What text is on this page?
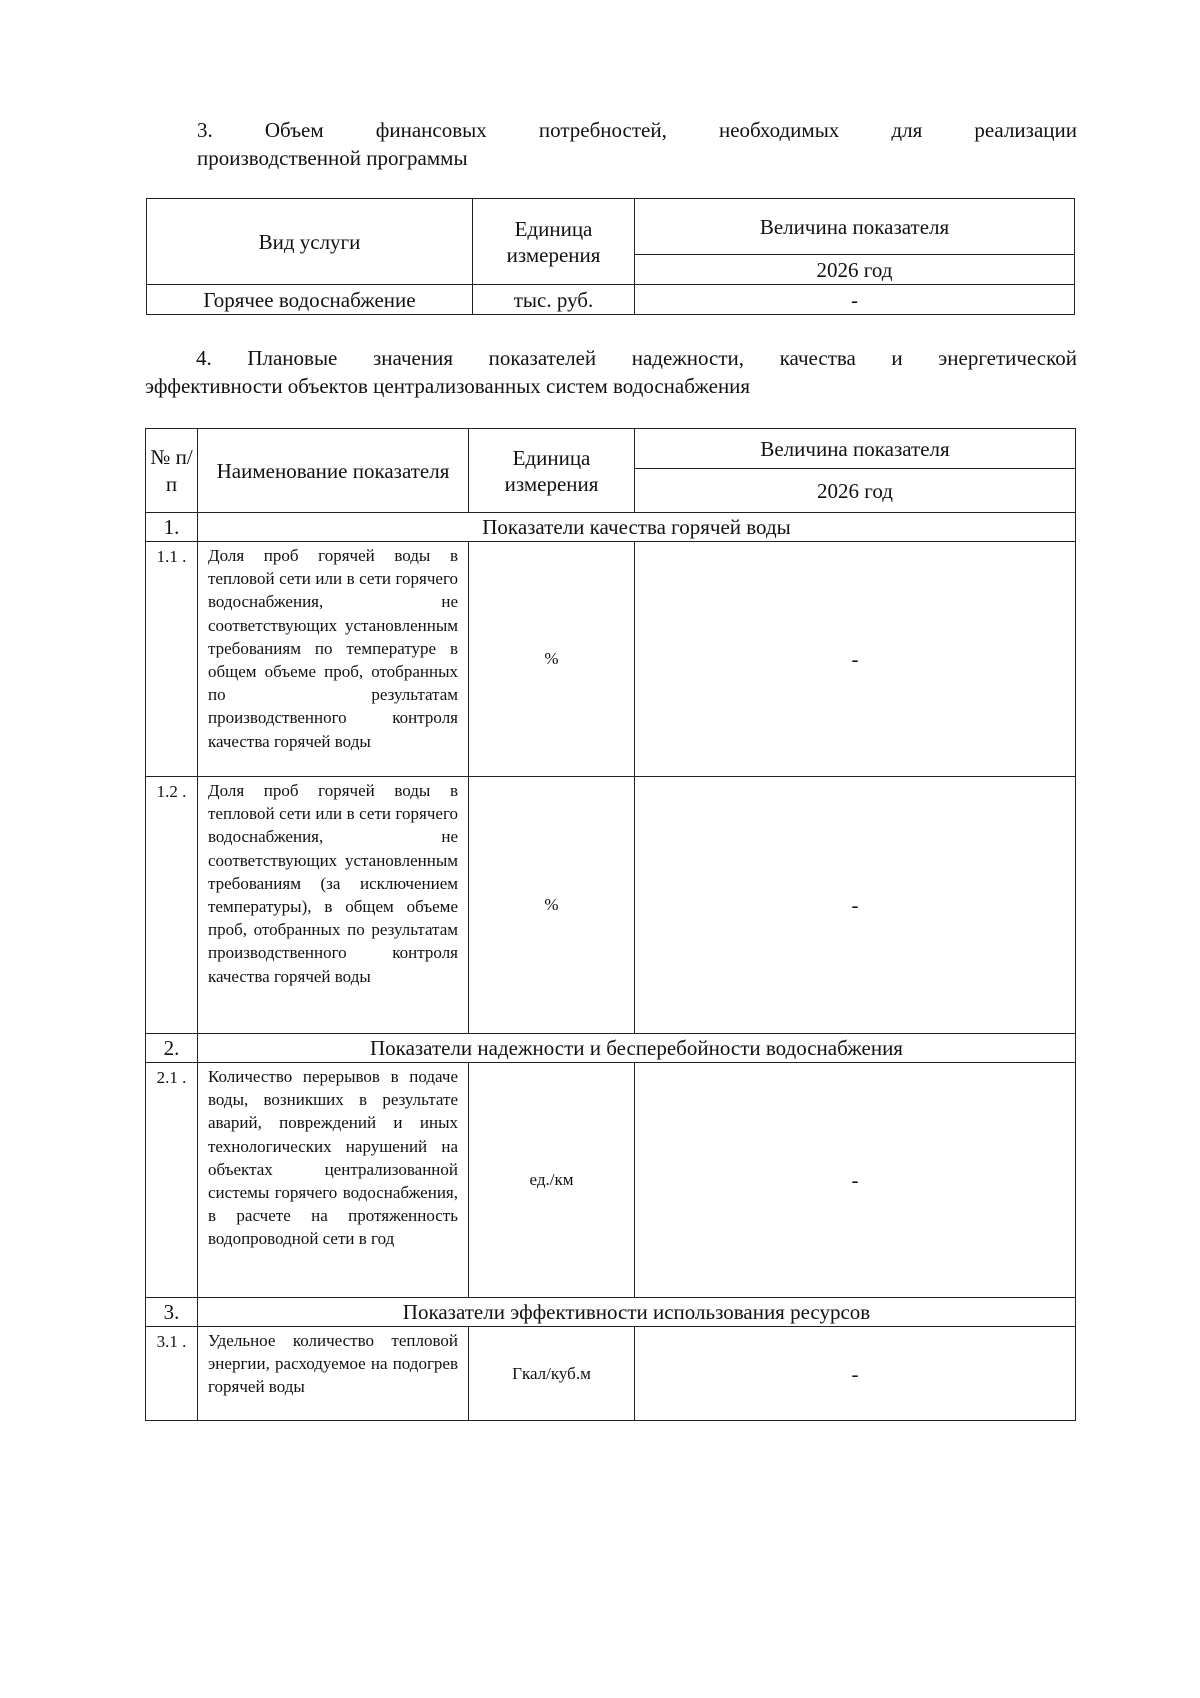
3. Объем финансовых потребностей, необходимых для реализации
производственной программы
Вид услуги	Единица измерения	Величина показателя
		2026 год
Горячее водоснабжение	тыс. руб.	-
4. Плановые значения показателей надежности, качества и энергетической
эффективности объектов централизованных систем водоснабжения
№ п/ п	Наименование показателя	Единица измерения	Величина показателя
			2026 год
1.	Показатели качества горячей воды		
1.1 .	Доля проб горячей воды в тепловой сети или в сети горячего водоснабжения, не соответствующих установленным требованиям по температуре в общем объеме проб, отобранных по результатам производственного контроля качества горячей воды	%	-
1.2 .	Доля проб горячей воды в тепловой сети или в сети горячего водоснабжения, не соответствующих установленным требованиям (за исключением температуры), в общем объеме проб, отобранных по результатам производственного контроля качества горячей воды	%	-
2.	Показатели надежности и бесперебойности водоснабжения		
2.1 .	Количество перерывов в подаче воды, возникших в результате аварий, повреждений и иных технологических нарушений на объектах централизованной системы горячего водоснабжения, в расчете на протяженность водопроводной сети в год	ед./км	-
3.	Показатели эффективности использования ресурсов		
3.1 .	Удельное количество тепловой энергии, расходуемое на подогрев горячей воды	Гкал/куб.м	-
